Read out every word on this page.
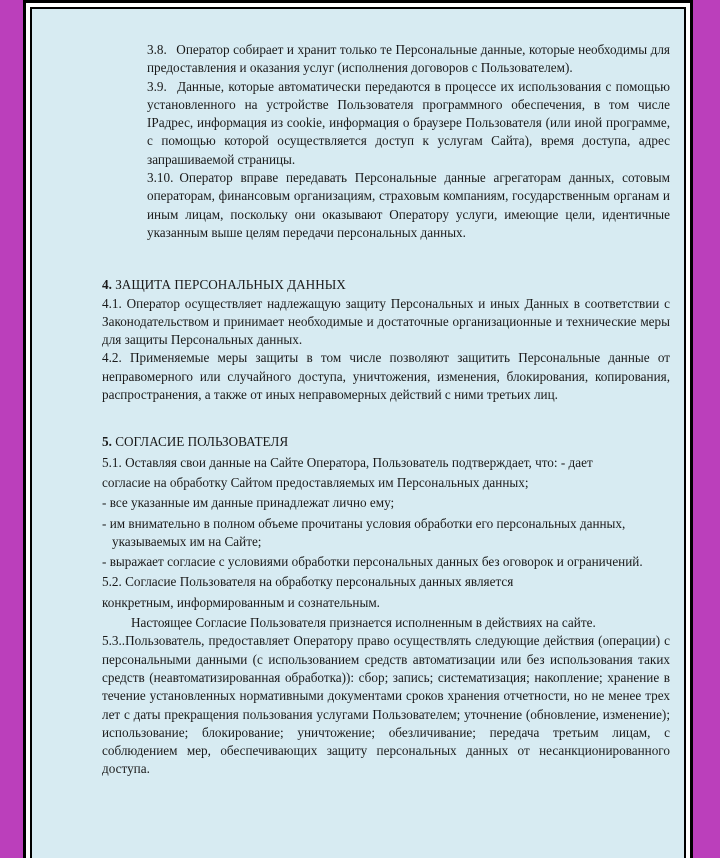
3.8. Оператор собирает и хранит только те Персональные данные, которые необходимы для предоставления и оказания услуг (исполнения договоров с Пользователем).

3.9. Данные, которые автоматически передаются в процессе их использования с помощью установленного на устройстве Пользователя программного обеспечения, в том числе IPадрес, информация из cookie, информация о браузере Пользователя (или иной программе, с помощью которой осуществляется доступ к услугам Сайта), время доступа, адрес запрашиваемой страницы.

3.10. Оператор вправе передавать Персональные данные агрегаторам данных, сотовым операторам, финансовым организациям, страховым компаниям, государственным органам и иным лицам, поскольку они оказывают Оператору услуги, имеющие цели, идентичные указанным выше целям передачи персональных данных.

4. ЗАЩИТА ПЕРСОНАЛЬНЫХ ДАННЫХ

4.1. Оператор осуществляет надлежащую защиту Персональных и иных Данных в соответствии с Законодательством и принимает необходимые и достаточные организационные и технические меры для защиты Персональных данных.

4.2. Применяемые меры защиты в том числе позволяют защитить Персональные данные от неправомерного или случайного доступа, уничтожения, изменения, блокирования, копирования, распространения, а также от иных неправомерных действий с ними третьих лиц.

5. СОГЛАСИЕ ПОЛЬЗОВАТЕЛЯ

5.1. Оставляя свои данные на Сайте Оператора, Пользователь подтверждает, что: - дает

согласие на обработку Сайтом предоставляемых им Персональных данных;

- все указанные им данные принадлежат лично ему;

- им внимательно в полном объеме прочитаны условия обработки его персональных данных, указываемых им на Сайте;

- выражает согласие с условиями обработки персональных данных без оговорок и ограничений.

5.2. Согласие Пользователя на обработку персональных данных является

конкретным, информированным и сознательным.

Настоящее Согласие Пользователя признается исполненным в действиях на сайте.

5.3..Пользователь, предоставляет Оператору право осуществлять следующие действия (операции) с персональными данными (с использованием средств автоматизации или без использования таких средств (неавтоматизированная обработка)): сбор; запись; систематизация; накопление; хранение в течение установленных нормативными документами сроков хранения отчетности, но не менее трех лет с даты прекращения пользования услугами Пользователем; уточнение (обновление, изменение); использование; блокирование; уничтожение; обезличивание; передача третьим лицам, с соблюдением мер, обеспечивающих защиту персональных данных от несанкционированного доступа.
